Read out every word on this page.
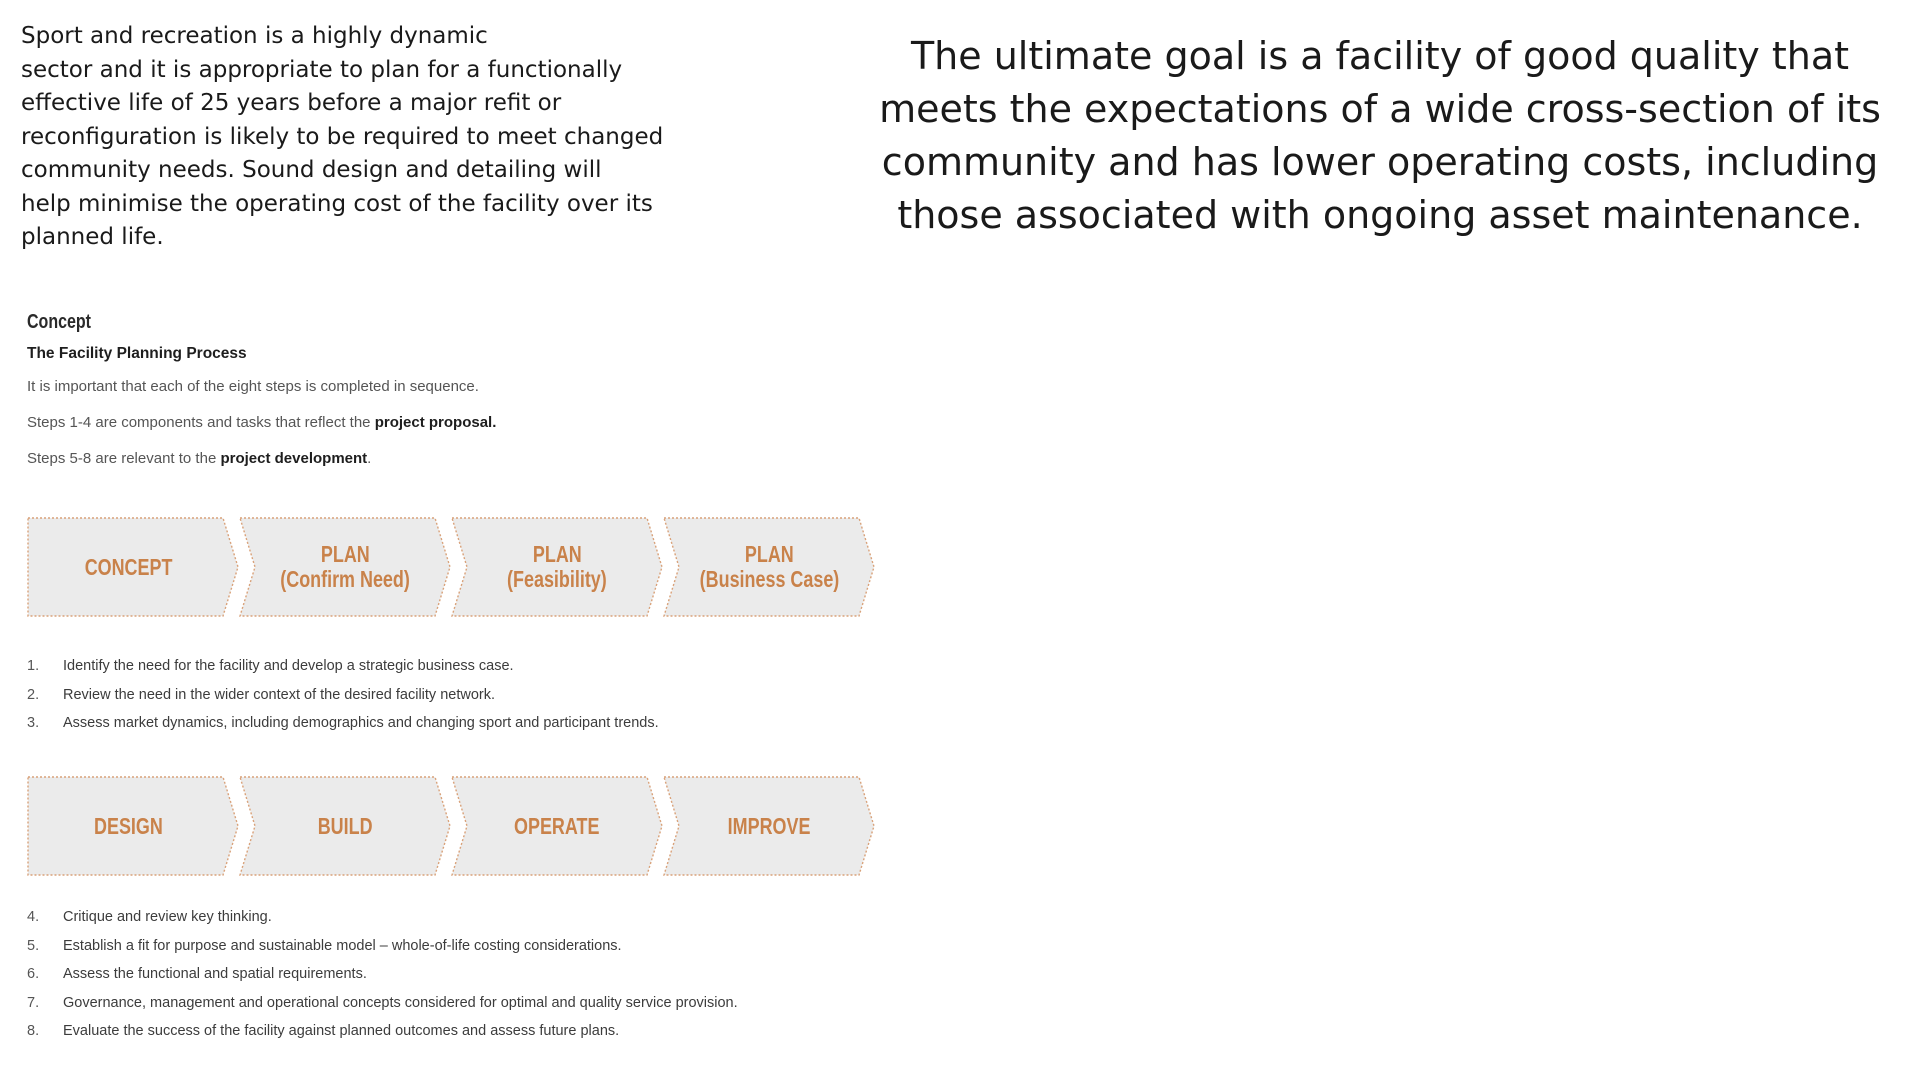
Sport and recreation is a highly dynamic
sector and it is appropriate to plan for a functionally
effective life of 25 years before a major refit or
reconfiguration is likely to be required to meet changed
community needs. Sound design and detailing will
help minimise the operating cost of the facility over its
planned life.
The ultimate goal is a facility of good quality that
meets the expectations of a wide cross-section of its
community and has lower operating costs, including
those associated with ongoing asset maintenance.
Concept
The Facility Planning Process
It is important that each of the eight steps is completed in sequence.
Steps 1-4 are components and tasks that reflect the project proposal.
Steps 5-8 are relevant to the project development.
CONCEPT	PLAN
(Confirm Need)
PLAN
(Feasibility)
PLAN
(Business Case)
1.	Identify the need for the facility and develop a strategic business case.
2.	Review the need in the wider context of the desired facility network.
3.	Assess market dynamics, including demographics and changing sport and participant trends.
DESIGN	BUILD	OPERATE	IMPROVE
4.	Critique and review key thinking.
5.	Establish a fit for purpose and sustainable model – whole-of-life costing considerations.
6.	Assess the functional and spatial requirements.
7.	Governance, management and operational concepts considered for optimal and quality service provision.
8.	Evaluate the success of the facility against planned outcomes and assess future plans.
